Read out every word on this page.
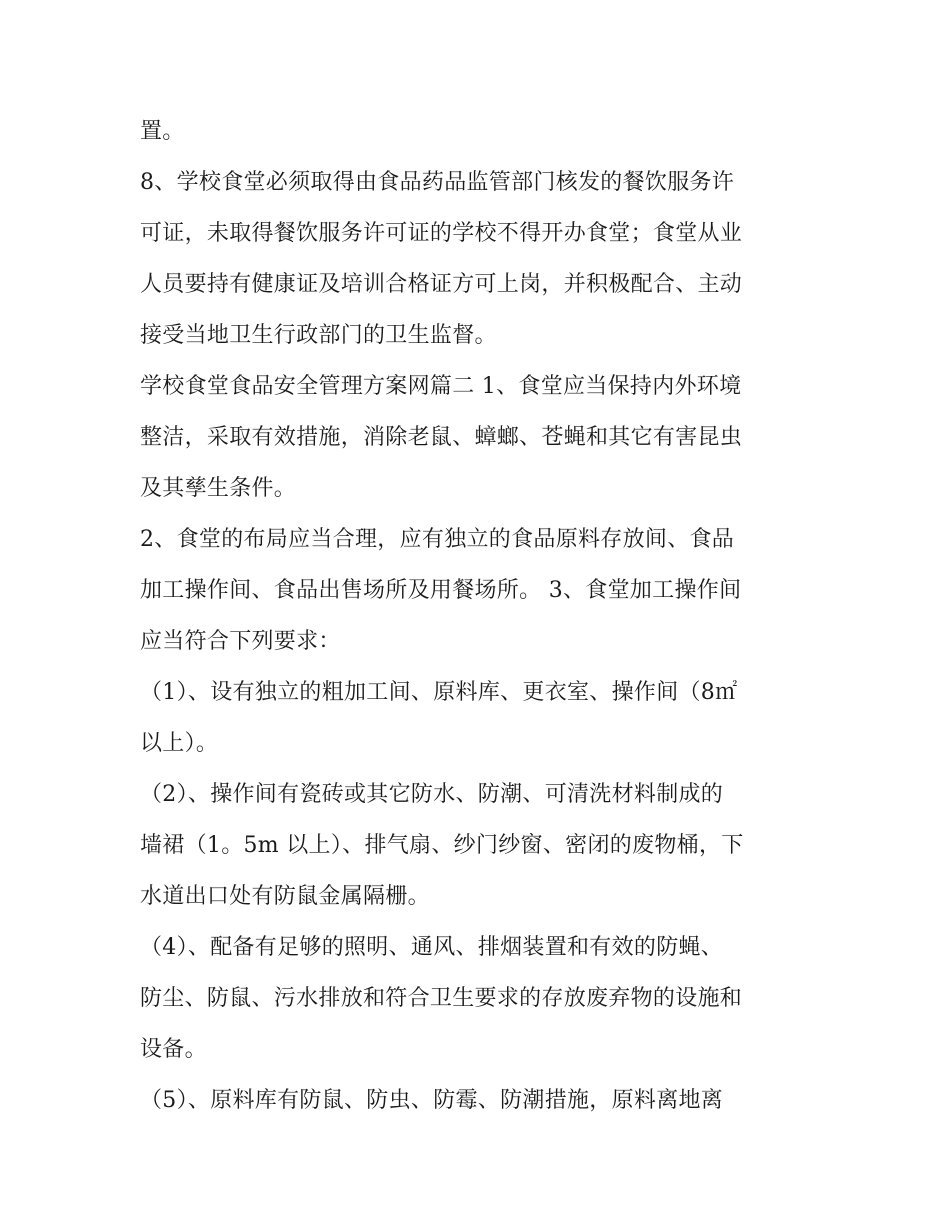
置。
8、学校食堂必须取得由食品药品监管部门核发的餐饮服务许
可证，未取得餐饮服务许可证的学校不得开办食堂；食堂从业
人员要持有健康证及培训合格证方可上岗，并积极配合、主动
接受当地卫生行政部门的卫生监督。
学校食堂食品安全管理方案网篇二 1、食堂应当保持内外环境
整洁，采取有效措施，消除老鼠、蟑螂、苍蝇和其它有害昆虫
及其孳生条件。
2、食堂的布局应当合理，应有独立的食品原料存放间、食品
加工操作间、食品出售场所及用餐场所。 3、食堂加工操作间
应当符合下列要求：
（1）、设有独立的粗加工间、原料库、更衣室、操作间（8㎡
以上）。
（2）、操作间有瓷砖或其它防水、防潮、可清洗材料制成的
墙裙（1。5m 以上）、排气扇、纱门纱窗、密闭的废物桶，下
水道出口处有防鼠金属隔栅。
（4）、配备有足够的照明、通风、排烟装置和有效的防蝇、
防尘、防鼠、污水排放和符合卫生要求的存放废弃物的设施和
设备。
（5）、原料库有防鼠、防虫、防霉、防潮措施，原料离地离
